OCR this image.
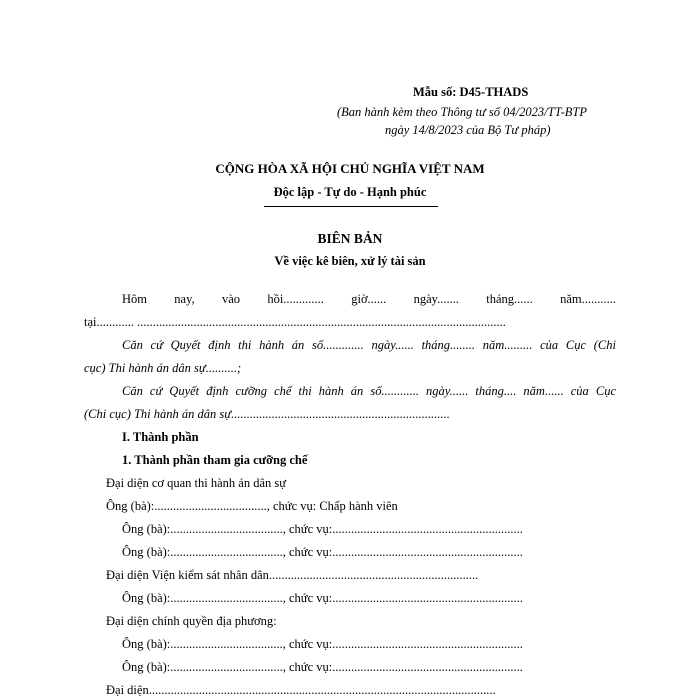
Mẫu số: D45-THADS
(Ban hành kèm theo Thông tư số 04/2023/TT-BTP
ngày 14/8/2023 của Bộ Tư pháp)
CỘNG HÒA XÃ HỘI CHỦ NGHĨA VIỆT NAM
Độc lập - Tự do - Hạnh phúc
BIÊN BẢN
Về việc kê biên, xử lý tài sản
Hôm nay, vào hồi............. giờ...... ngày....... tháng...... năm...........
tại............ ......................................................................................................................
Căn cứ Quyết định thi hành án số............. ngày...... tháng........ năm......... của Cục (Chi
cục) Thi hành án dân sự..........;
Căn cứ Quyết định cưỡng chế thi hành án số............ ngày...... tháng.... năm...... của Cục
(Chi cục) Thi hành án dân sự......................................................................
I. Thành phần
1. Thành phần tham gia cưỡng chế
Đại diện cơ quan thi hành án dân sự
Ông (bà):...................................., chức vụ: Chấp hành viên
Ông (bà):...................................., chức vụ:.............................................................
Ông (bà):...................................., chức vụ:.............................................................
Đại diện Viện kiểm sát nhân dân...................................................................
Ông (bà):...................................., chức vụ:.............................................................
Đại diện chính quyền địa phương:
Ông (bà):...................................., chức vụ:.............................................................
Ông (bà):...................................., chức vụ:.............................................................
Đại diện...............................................................................................................
